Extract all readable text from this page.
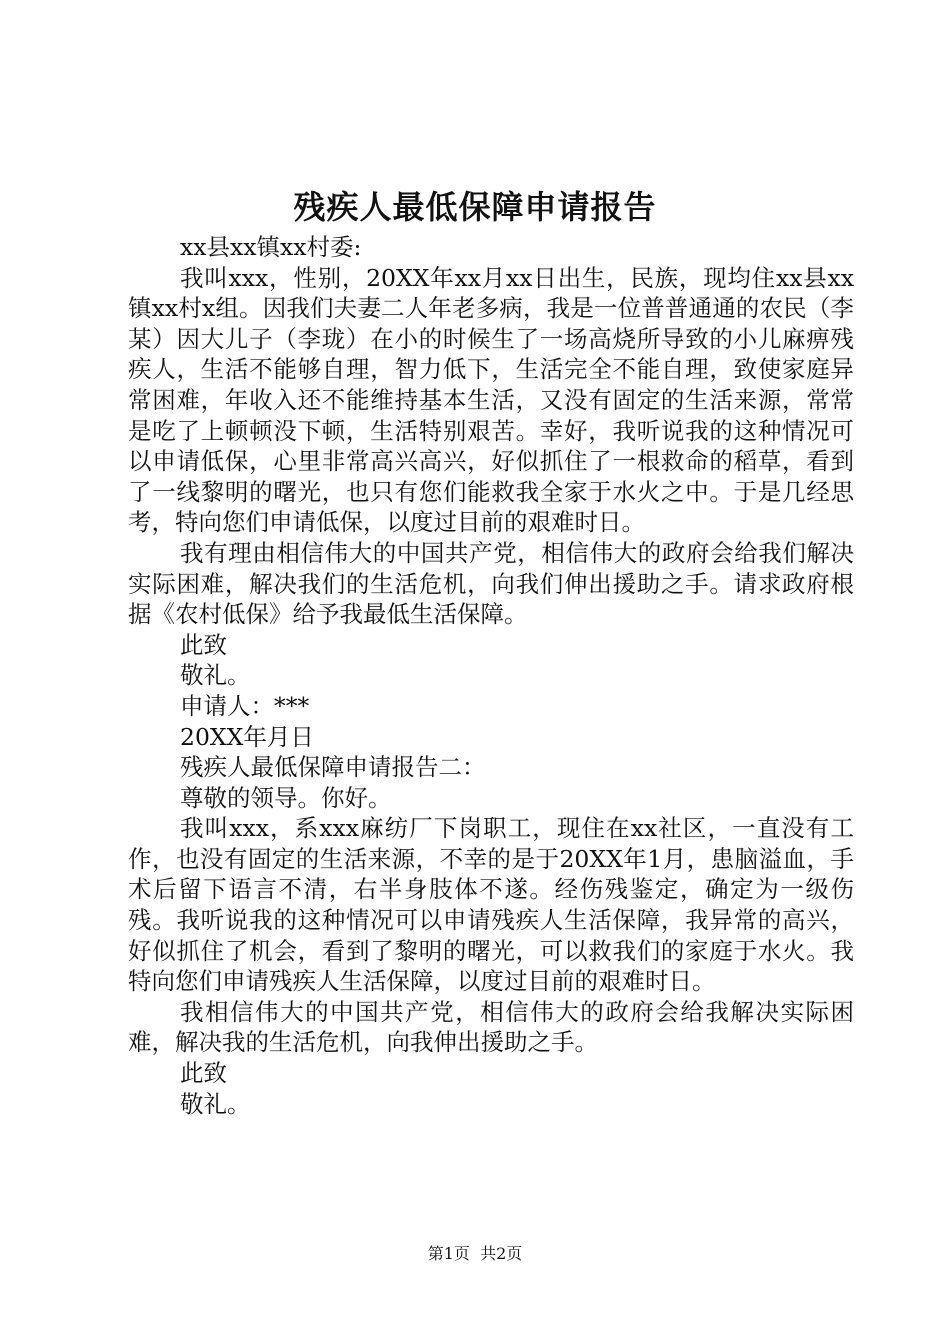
残疾人最低保障申请报告

xx县xx镇xx村委:

我叫xxx，性别，20XX年xx月xx日出生，民族，现均住xx县xx镇xx村x组。因我们夫妻二人年老多病，我是一位普普通通的农民（李某）因大儿子（李珑）在小的时候生了一场高烧所导致的小儿麻痹残疾人，生活不能够自理，智力低下，生活完全不能自理，致使家庭异常困难，年收入还不能维持基本生活，又没有固定的生活来源，常常是吃了上顿顿没下顿，生活特别艰苦。幸好，我听说我的这种情况可以申请低保，心里非常高兴高兴，好似抓住了一根救命的稻草，看到了一线黎明的曙光，也只有您们能救我全家于水火之中。于是几经思考，特向您们申请低保，以度过目前的艰难时日。

我有理由相信伟大的中国共产党，相信伟大的政府会给我们解决实际困难，解决我们的生活危机，向我们伸出援助之手。请求政府根据《农村低保》给予我最低生活保障。

此致

敬礼。

申请人：***

20XX年月日

残疾人最低保障申请报告二：

尊敬的领导。你好。

我叫xxx，系xxx麻纺厂下岗职工，现住在xx社区，一直没有工作，也没有固定的生活来源，不幸的是于20XX年1月，患脑溢血，手术后留下语言不清，右半身肢体不遂。经伤残鉴定，确定为一级伤残。我听说我的这种情况可以申请残疾人生活保障，我异常的高兴，好似抓住了机会，看到了黎明的曙光，可以救我们的家庭于水火。我特向您们申请残疾人生活保障，以度过目前的艰难时日。

我相信伟大的中国共产党，相信伟大的政府会给我解决实际困难，解决我的生活危机，向我伸出援助之手。

此致

敬礼。

第1页 共2页
